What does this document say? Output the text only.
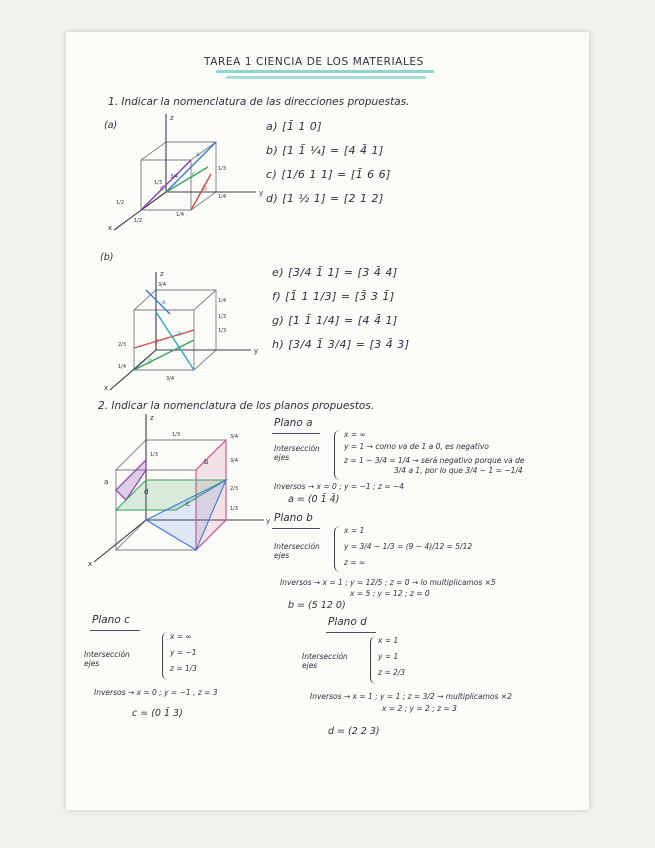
TAREA 1 CIENCIA DE LOS MATERIALES
1. Indicar la nomenclatura de las direcciones propuestas.
(a)
z
y
x
a
b
c
d
1/3
1/4
1/2
1/2
3/4
1/4
1/3
a) [1̄ 1 0]
b) [1 1̄ ¼] = [4 4̄ 1]
c) [1/6 1 1] = [1̄ 6 6]
d) [1 ½ 1] = [2 1 2]
(b)
z
y
x
e
f
g
h
3/4
1/4
1/3
1/3
2/3
1/4
3/4
e) [3/4 1̄ 1] = [3 4̄ 4]
f) [1̄ 1 1/3] = [3̄ 3 1̄]
g) [1 1̄ 1/4] = [4 4̄ 1]
h) [3/4 1̄ 3/4] = [3 4̄ 3]
2. Indicar la nomenclatura de los planos propuestos.
a
b
c
d
z
y
x
1/3
3/4
3/4
2/3
1/3
1/3
Plano a
Intersección ejes
x = ∞
y = 1 → como va de 1 a 0, es negativo
z = 1 − 3/4 = 1/4 → será negativo porque va de
3/4 a 1, por lo que 3/4 − 1 = −1/4
Inversos → x = 0 ; y = −1 ; z = −4
a = (0 1̄ 4̄)
Plano b
Intersección ejes
x = 1
y = 3/4 − 1/3 = (9 − 4)/12 = 5/12
z = ∞
Inversos → x = 1 ; y = 12/5 ; z = 0 → lo multiplicamos ×5
x = 5 ; y = 12 ; z = 0
b = (5 12 0)
Plano c
Intersección ejes
x = ∞
y = −1
z = 1/3
Inversos → x = 0 ; y = −1 , z = 3
c = (0 1̄ 3)
Plano d
Intersección ejes
x = 1
y = 1
z = 2/3
Inversos → x = 1 ; y = 1 ; z = 3/2 → multiplicamos ×2
x = 2 ; y = 2 ; z = 3
d = (2 2 3)
